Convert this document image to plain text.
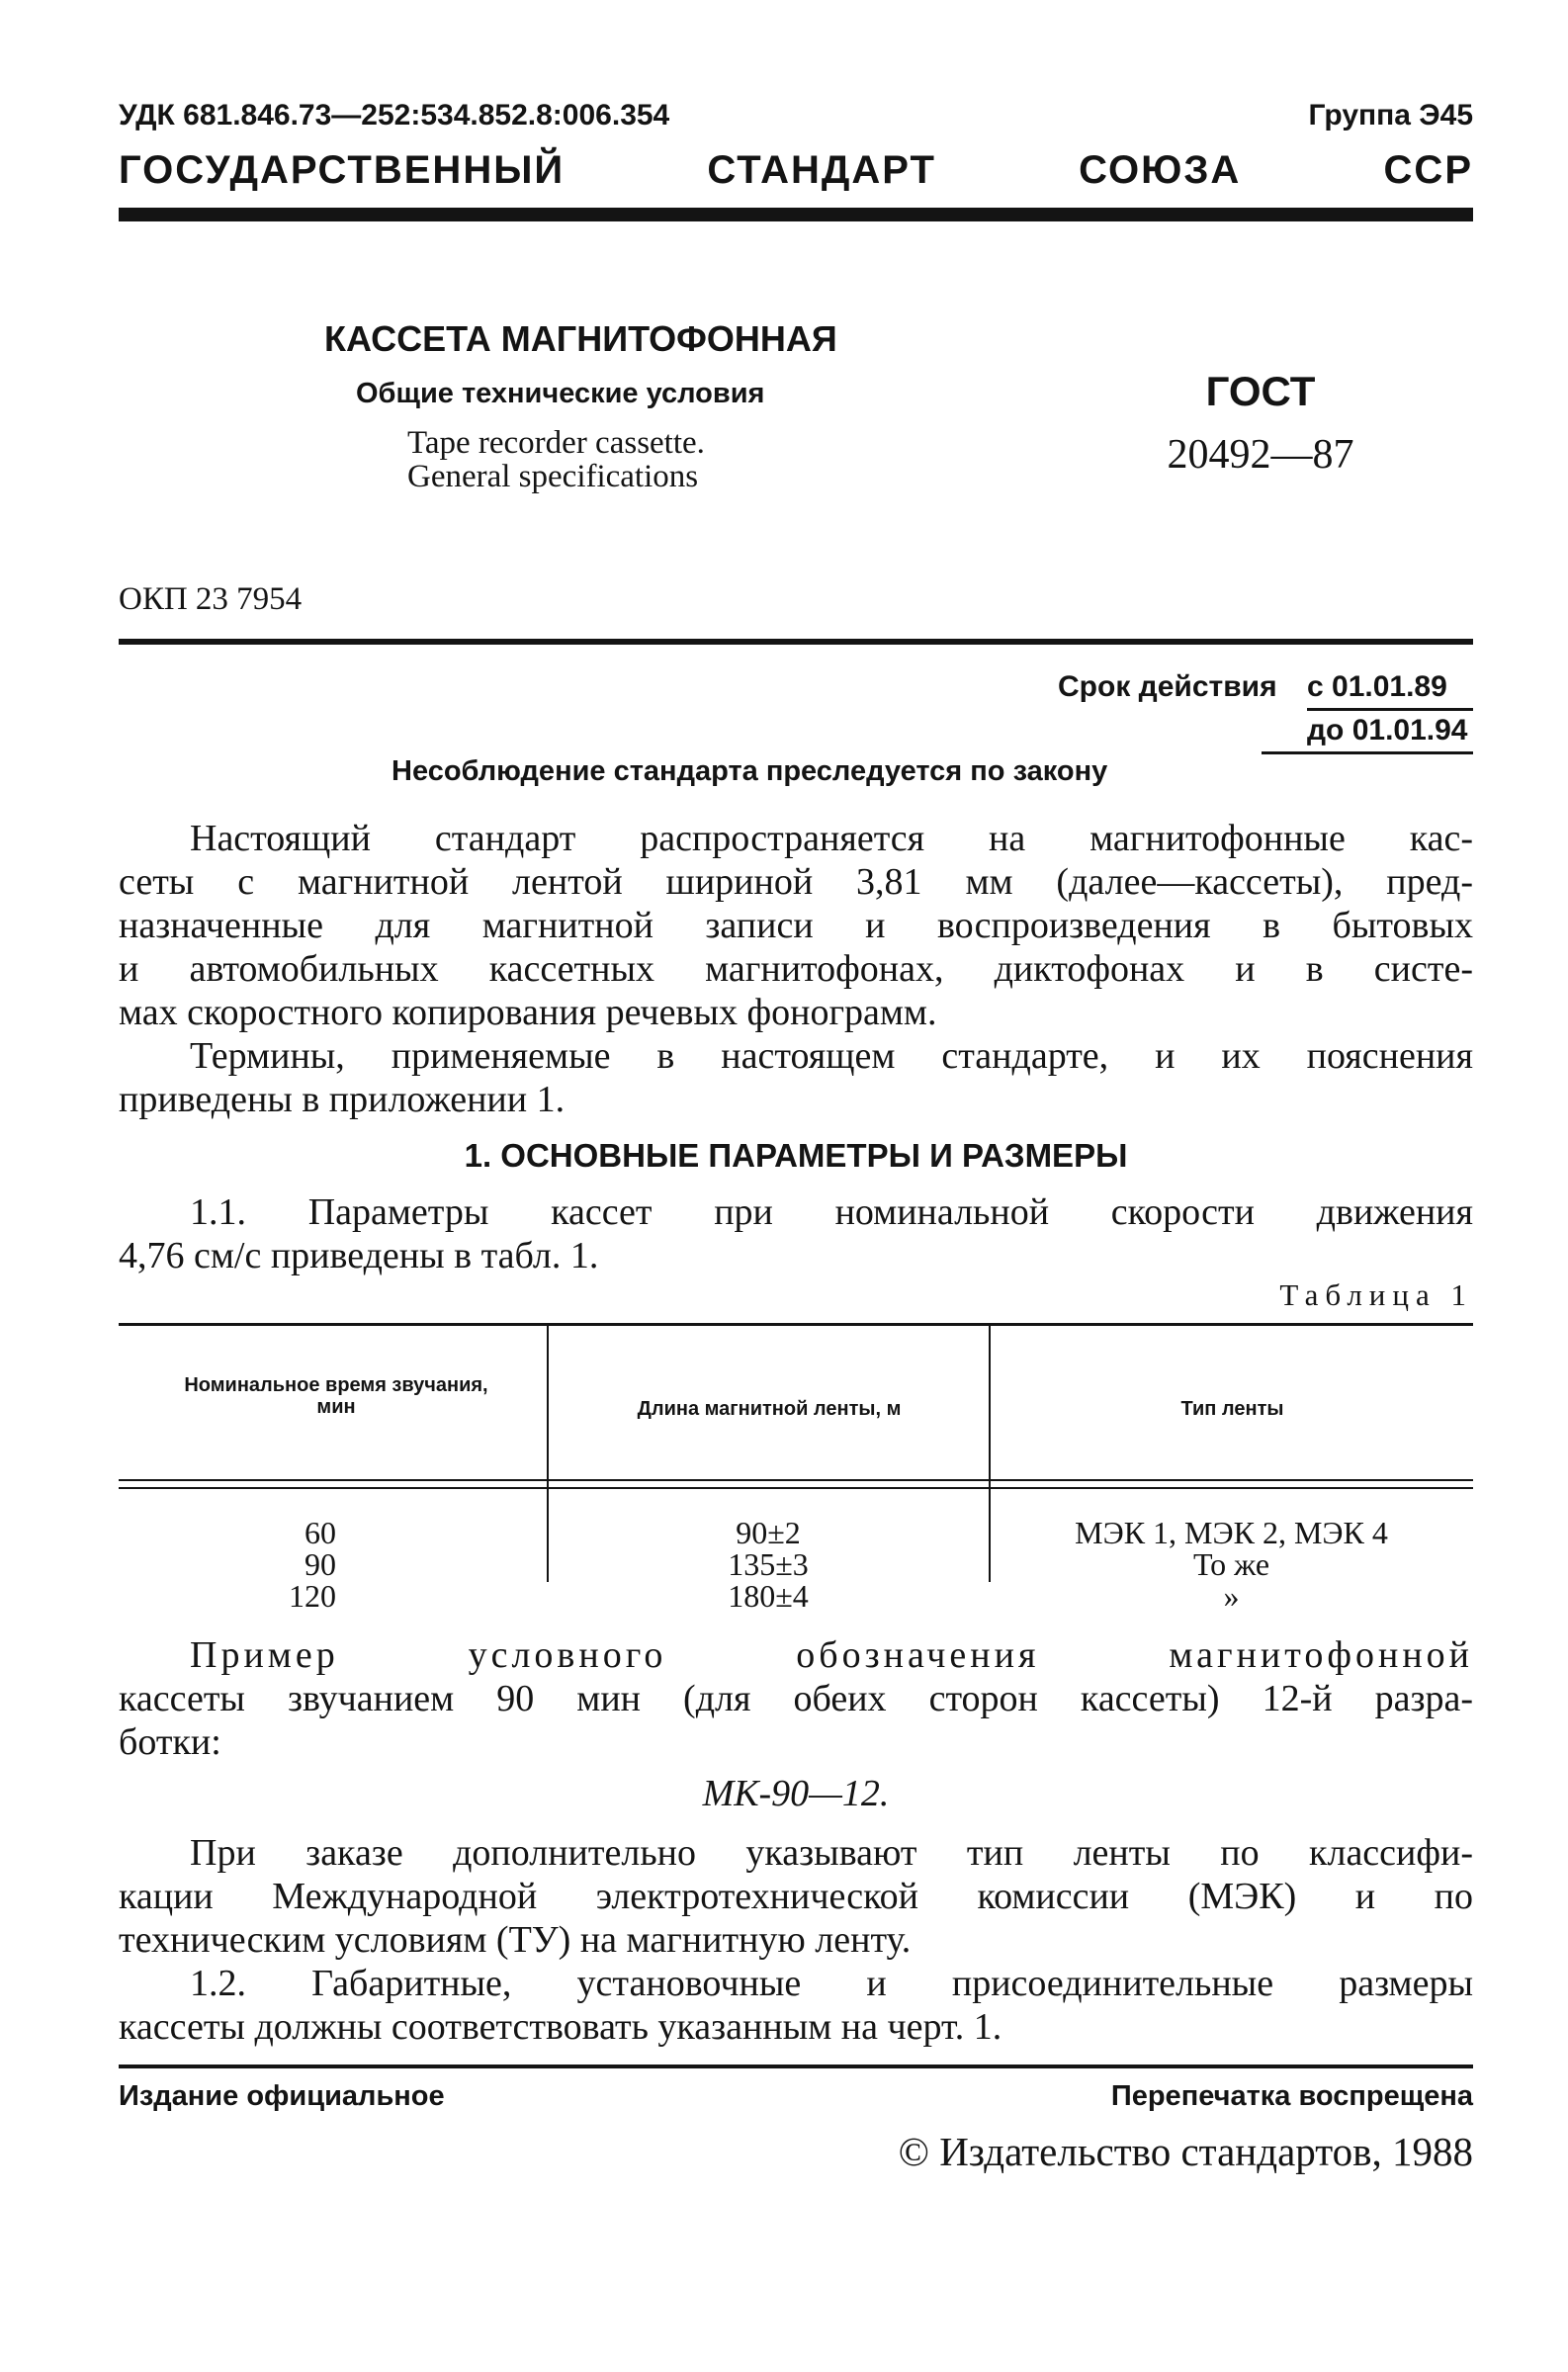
УДК 681.846.73—252:534.852.8:006.354	Группа Э45
ГОСУДАРСТВЕННЫЙ СТАНДАРТ СОЮЗА ССР
КАССЕТА МАГНИТОФОННАЯ
Общие технические условия
Tape recorder cassette.
General specifications
ГОСТ
20492—87
ОКП 23 7954
Срок действия с 01.01.89
до 01.01.94
Несоблюдение стандарта преследуется по закону
Настоящий стандарт распространяется на магнитофонные кас-
сеты с магнитной лентой шириной 3,81 мм (далее—кассеты), пред-
назначенные для магнитной записи и воспроизведения в бытовых
и автомобильных кассетных магнитофонах, диктофонах и в систе-
мах скоростного копирования речевых фонограмм.
Термины, применяемые в настоящем стандарте, и их пояснения
приведены в приложении 1.
1. ОСНОВНЫЕ ПАРАМЕТРЫ И РАЗМЕРЫ
1.1. Параметры кассет при номинальной скорости движения
4,76 см/с приведены в табл. 1.
Таблица 1
Номинальное время звучания, мин	Длина магнитной ленты, м	Тип ленты
60	90±2	МЭК 1, МЭК 2, МЭК 4
90	135±3	То же
120	180±4	»
Пример условного обозначения магнитофонной
кассеты звучанием 90 мин (для обеих сторон кассеты) 12-й разра-
ботки:
МК-90—12.
При заказе дополнительно указывают тип ленты по классифи-
кации Международной электротехнической комиссии (МЭК) и по
техническим условиям (ТУ) на магнитную ленту.
1.2. Габаритные, установочные и присоединительные размеры
кассеты должны соответствовать указанным на черт. 1.
Издание официальное	Перепечатка воспрещена
© Издательство стандартов, 1988
